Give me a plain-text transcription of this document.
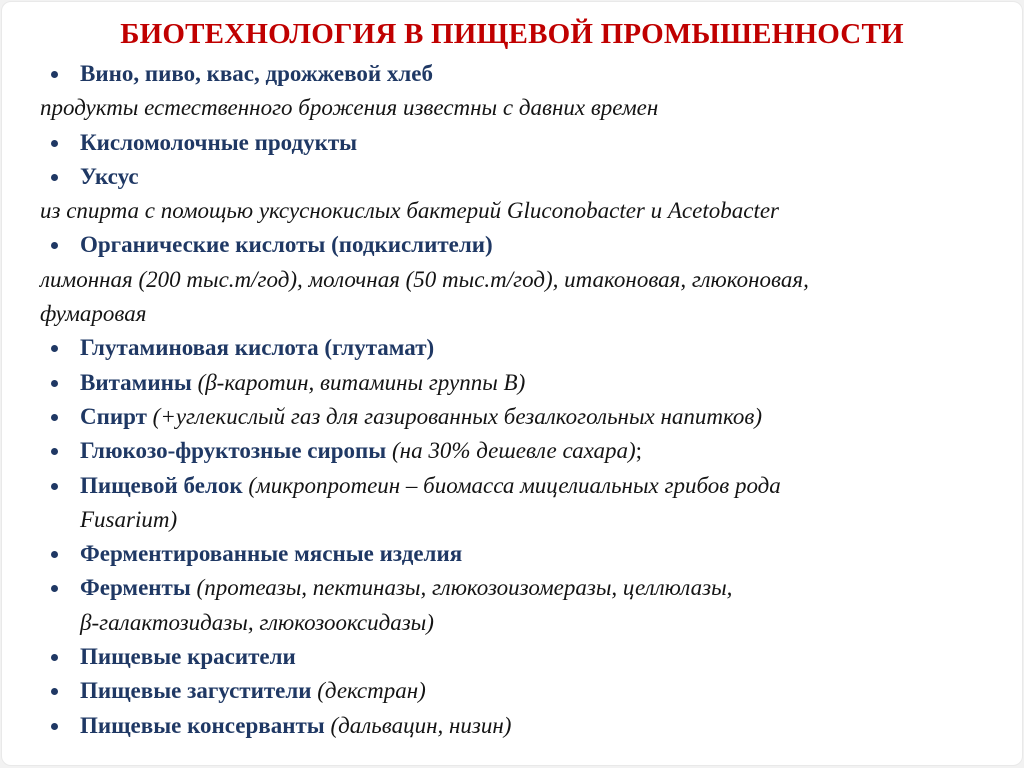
БИОТЕХНОЛОГИЯ В ПИЩЕВОЙ ПРОМЫШЕННОСТИ
Вино, пиво, квас, дрожжевой хлеб
продукты естественного брожения известны с давних времен
Кисломолочные продукты
Уксус
из спирта с помощью уксуснокислых бактерий Gluconobacter и Acetobacter
Органические кислоты (подкислители)
лимонная (200 тыс.т/год), молочная (50 тыс.т/год), итаконовая, глюконовая,
фумаровая
Глутаминовая кислота (глутамат)
Витамины (β-каротин, витамины группы В)
Спирт (+углекислый газ для газированных безалкогольных напитков)
Глюкозо-фруктозные сиропы (на 30% дешевле сахара);
Пищевой белок (микропротеин – биомасса мицелиальных грибов рода
Fusarium)
Ферментированные мясные изделия
Ферменты (протеазы, пектиназы, глюкозоизомеразы, целлюлазы,
β-галактозидазы, глюкозооксидазы)
Пищевые красители
Пищевые загустители (декстран)
Пищевые консерванты (дальвацин, низин)
